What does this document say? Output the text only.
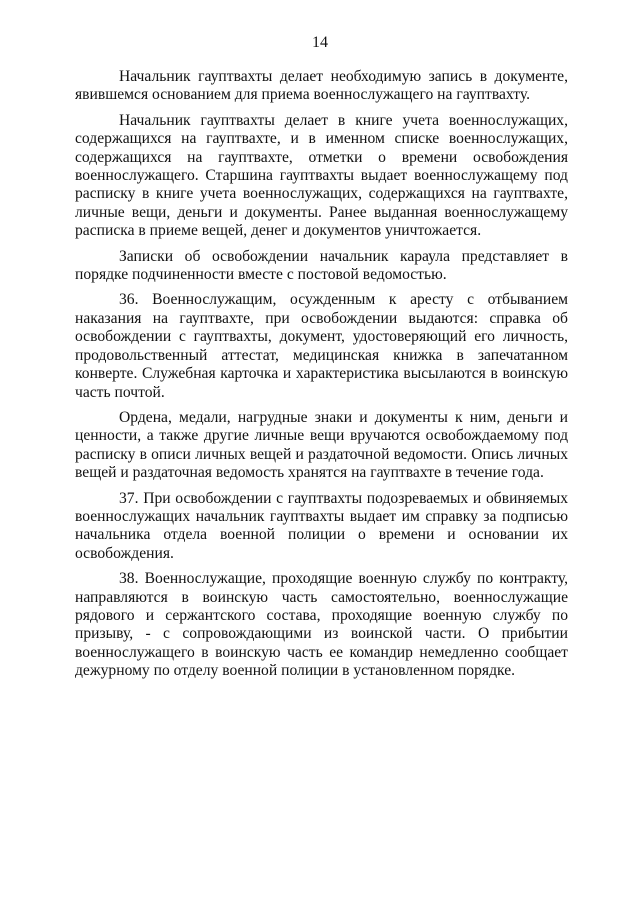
14

Начальник гауптвахты делает необходимую запись в документе, явившемся основанием для приема военнослужащего на гауптвахту.

Начальник гауптвахты делает в книге учета военнослужащих, содержащихся на гауптвахте, и в именном списке военнослужащих, содержащихся на гауптвахте, отметки о времени освобождения военнослужащего. Старшина гауптвахты выдает военнослужащему под расписку в книге учета военнослужащих, содержащихся на гауптвахте, личные вещи, деньги и документы. Ранее выданная военнослужащему расписка в приеме вещей, денег и документов уничтожается.

Записки об освобождении начальник караула представляет в порядке подчиненности вместе с постовой ведомостью.

36. Военнослужащим, осужденным к аресту с отбыванием наказания на гауптвахте, при освобождении выдаются: справка об освобождении с гауптвахты, документ, удостоверяющий его личность, продовольственный аттестат, медицинская книжка в запечатанном конверте. Служебная карточка и характеристика высылаются в воинскую часть почтой.

Ордена, медали, нагрудные знаки и документы к ним, деньги и ценности, а также другие личные вещи вручаются освобождаемому под расписку в описи личных вещей и раздаточной ведомости. Опись личных вещей и раздаточная ведомость хранятся на гауптвахте в течение года.

37. При освобождении с гауптвахты подозреваемых и обвиняемых военнослужащих начальник гауптвахты выдает им справку за подписью начальника отдела военной полиции о времени и основании их освобождения.

38. Военнослужащие, проходящие военную службу по контракту, направляются в воинскую часть самостоятельно, военнослужащие рядового и сержантского состава, проходящие военную службу по призыву, - с сопровождающими из воинской части. О прибытии военнослужащего в воинскую часть ее командир немедленно сообщает дежурному по отделу военной полиции в установленном порядке.
